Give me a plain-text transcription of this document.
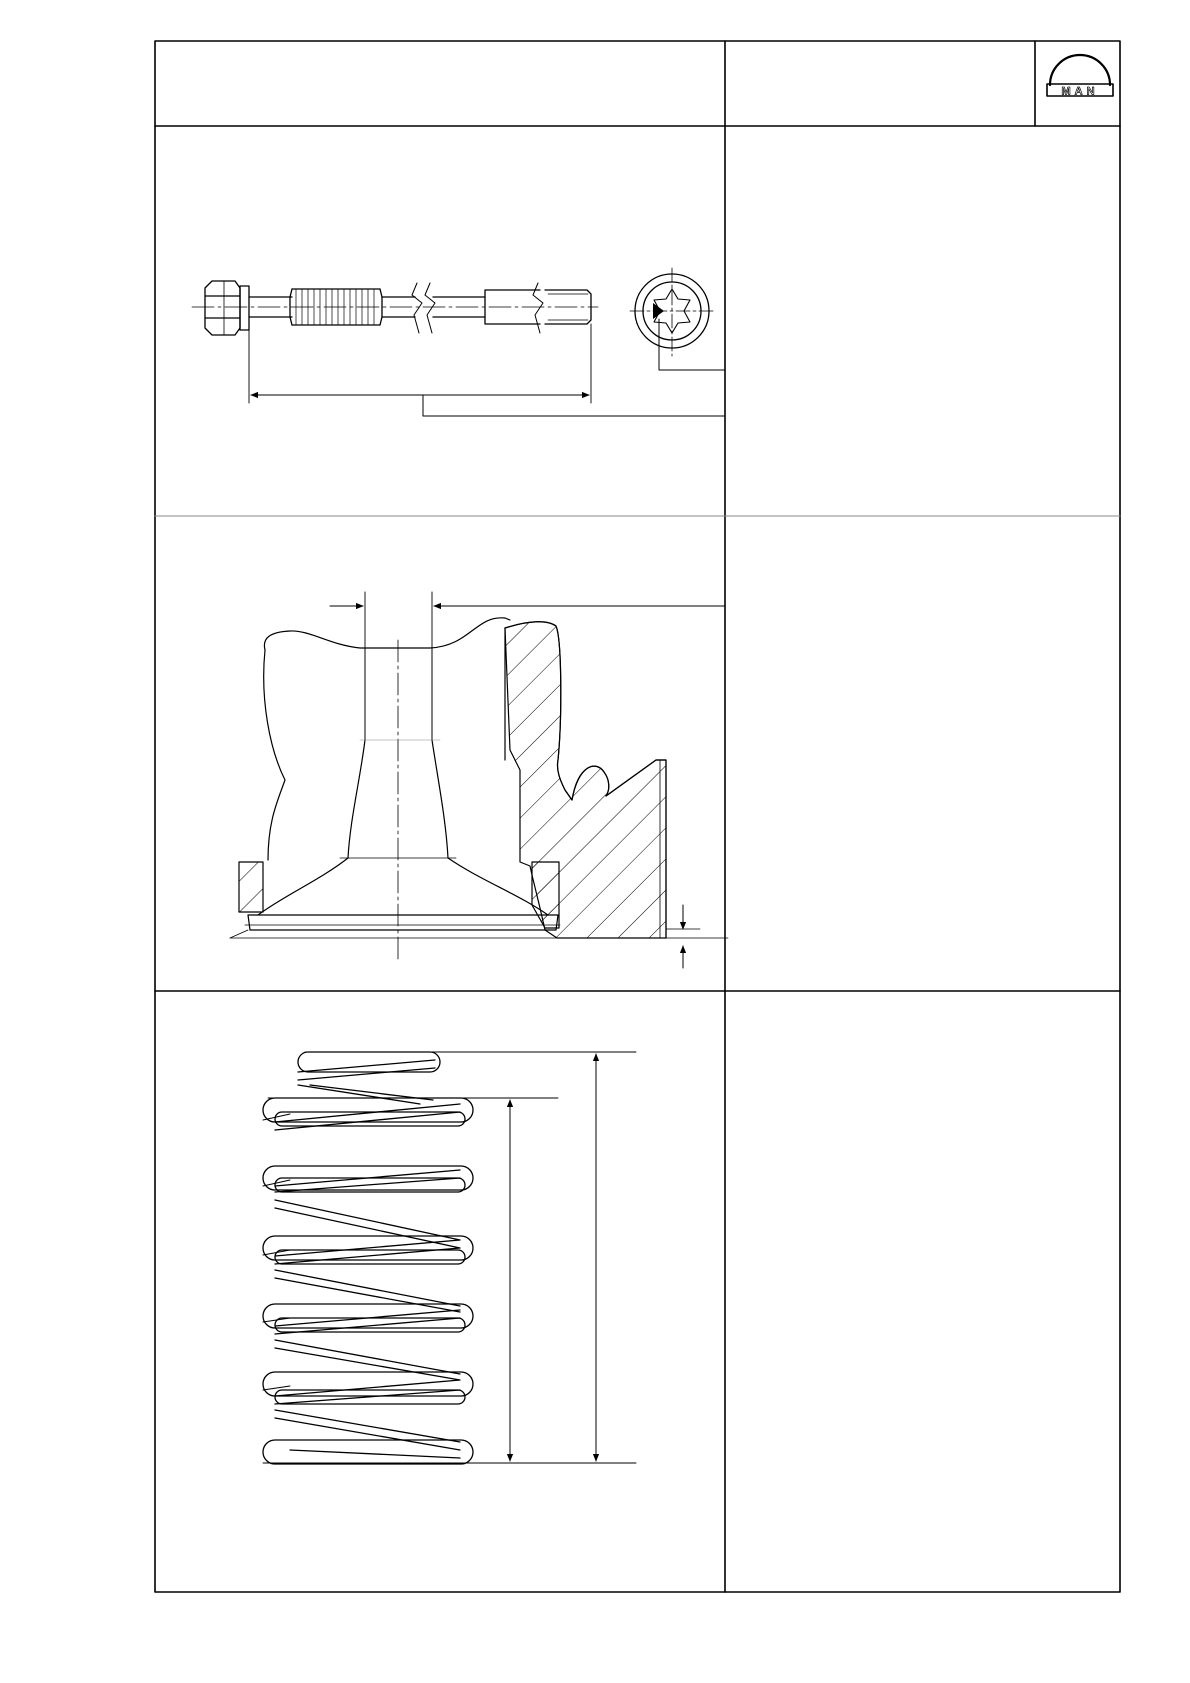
MAN
